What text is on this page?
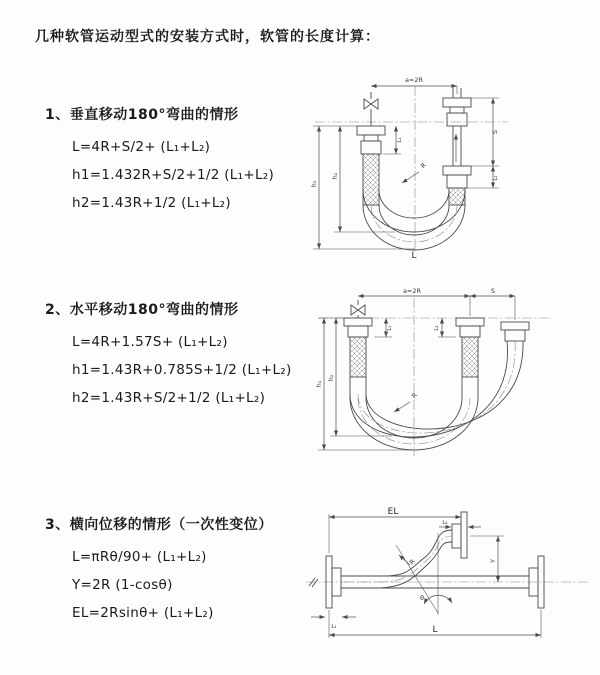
几种软管运动型式的安装方式时，软管的长度计算：
1、垂直移动180°弯曲的情形
L=4R+S/2+ (L₁+L₂)
h1=1.432R+S/2+1/2 (L₁+L₂)
h2=1.43R+1/2 (L₁+L₂)
2、水平移动180°弯曲的情形
L=4R+1.57S+ (L₁+L₂)
h1=1.43R+0.785S+1/2 (L₁+L₂)
h2=1.43R+S/2+1/2 (L₁+L₂)
3、横向位移的情形（一次性变位）
L=πRθ/90+ (L₁+L₂)
Y=2R (1-cosθ)
EL=2Rsinθ+ (L₁+L₂)
a=2R
S
L₂
h₁
h₂
L₁
R
L
a=2R	S
h₁
h₂
L₁	L₂
R
θ
R
EL
L₂
Y
L₁	L
